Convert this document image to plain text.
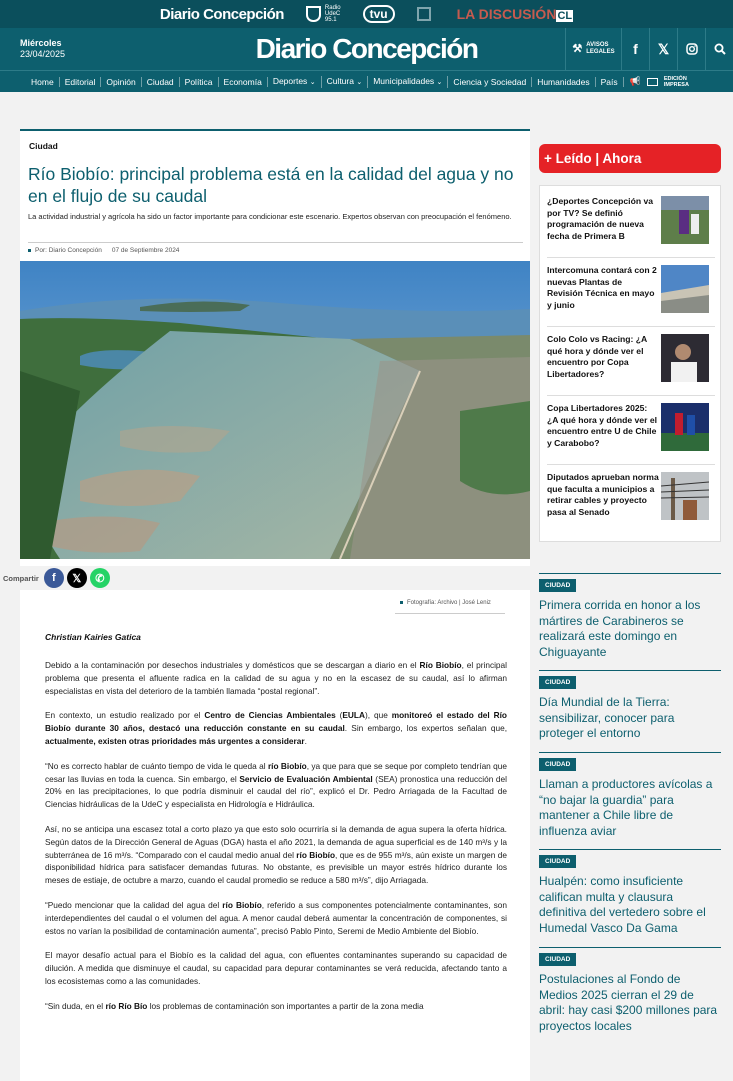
Diario Concepción	Radio
UdeC
95.1	tvu	LA DISCUSIÓNCL
Miércoles
23/04/2025	Diario Concepción	⚒ AVISOS
LEGALES	f	𝕏
Home	Editorial	Opinión	Ciudad	Política	Economía	Deportes ⌄	Cultura ⌄	Municipalidades ⌄	Ciencia y Sociedad	Humanidades	País	📢	EDICIÓN
IMPRESA
Ciudad
Río Biobío: principal problema está en la calidad del agua y no en el flujo de su caudal
La actividad industrial y agrícola ha sido un factor importante para condicionar este escenario. Expertos observan con preocupación el fenómeno.
Por: Diario Concepción 07 de Septiembre 2024
Compartir	f	𝕏	✆
Fotografía: Archivo | José Leniz
Christian Kairies Gatica

Debido a la contaminación por desechos industriales y domésticos que se descargan a diario en el Río Biobío, el principal problema que presenta el afluente radica en la calidad de su agua y no en la escasez de su caudal, así lo afirman especialistas en vista del deterioro de la también llamada “postal regional”.

En contexto, un estudio realizado por el Centro de Ciencias Ambientales (EULA), que monitoreó el estado del Río Biobío durante 30 años, destacó una reducción constante en su caudal. Sin embargo, los expertos señalan que, actualmente, existen otras prioridades más urgentes a considerar.

“No es correcto hablar de cuánto tiempo de vida le queda al río Biobío, ya que para que se seque por completo tendrían que cesar las lluvias en toda la cuenca. Sin embargo, el Servicio de Evaluación Ambiental (SEA) pronostica una reducción del 20% en las precipitaciones, lo que podría disminuir el caudal del río”, explicó el Dr. Pedro Arriagada de la Facultad de Ciencias hidráulicas de la UdeC y especialista en Hidrología e Hidráulica.

Así, no se anticipa una escasez total a corto plazo ya que esto solo ocurriría si la demanda de agua supera la oferta hídrica. Según datos de la Dirección General de Aguas (DGA) hasta el año 2021, la demanda de agua superficial es de 140 m³/s y la subterránea de 16 m³/s. “Comparado con el caudal medio anual del río Biobío, que es de 955 m³/s, aún existe un margen de disponibilidad hídrica para satisfacer demandas futuras. No obstante, es previsible un mayor estrés hídrico durante los meses de estiaje, de octubre a marzo, cuando el caudal promedio se reduce a 580 m³/s”, dijo Arriagada.

“Puedo mencionar que la calidad del agua del río Biobío, referido a sus componentes potencialmente contaminantes, son interdependientes del caudal o el volumen del agua. A menor caudal deberá aumentar la concentración de componentes, si estos no varían la posibilidad de contaminación aumenta”, precisó Pablo Pinto, Seremi de Medio Ambiente del Biobío.

El mayor desafío actual para el Biobío es la calidad del agua, con efluentes contaminantes superando su capacidad de dilución. A medida que disminuye el caudal, su capacidad para depurar contaminantes se verá reducida, afectando tanto a los ecosistemas como a las comunidades.

“Sin duda, en el río Río Bío los problemas de contaminación son importantes a partir de la zona media

+ Leído | Ahora
¿Deportes Concepción va por TV? Se definió programación de nueva fecha de Primera B
Intercomuna contará con 2 nuevas Plantas de Revisión Técnica en mayo y junio
Colo Colo vs Racing: ¿A qué hora y dónde ver el encuentro por Copa Libertadores?
Copa Libertadores 2025: ¿A qué hora y dónde ver el encuentro entre U de Chile y Carabobo?
Diputados aprueban norma que faculta a municipios a retirar cables y proyecto pasa al Senado
CIUDAD
Primera corrida en honor a los mártires de Carabineros se realizará este domingo en Chiguayante
CIUDAD
Día Mundial de la Tierra: sensibilizar, conocer para proteger el entorno
CIUDAD
Llaman a productores avícolas a “no bajar la guardia” para mantener a Chile libre de influenza aviar
CIUDAD
Hualpén: como insuficiente califican multa y clausura definitiva del vertedero sobre el Humedal Vasco Da Gama
CIUDAD
Postulaciones al Fondo de Medios 2025 cierran el 29 de abril: hay casi $200 millones para proyectos locales
